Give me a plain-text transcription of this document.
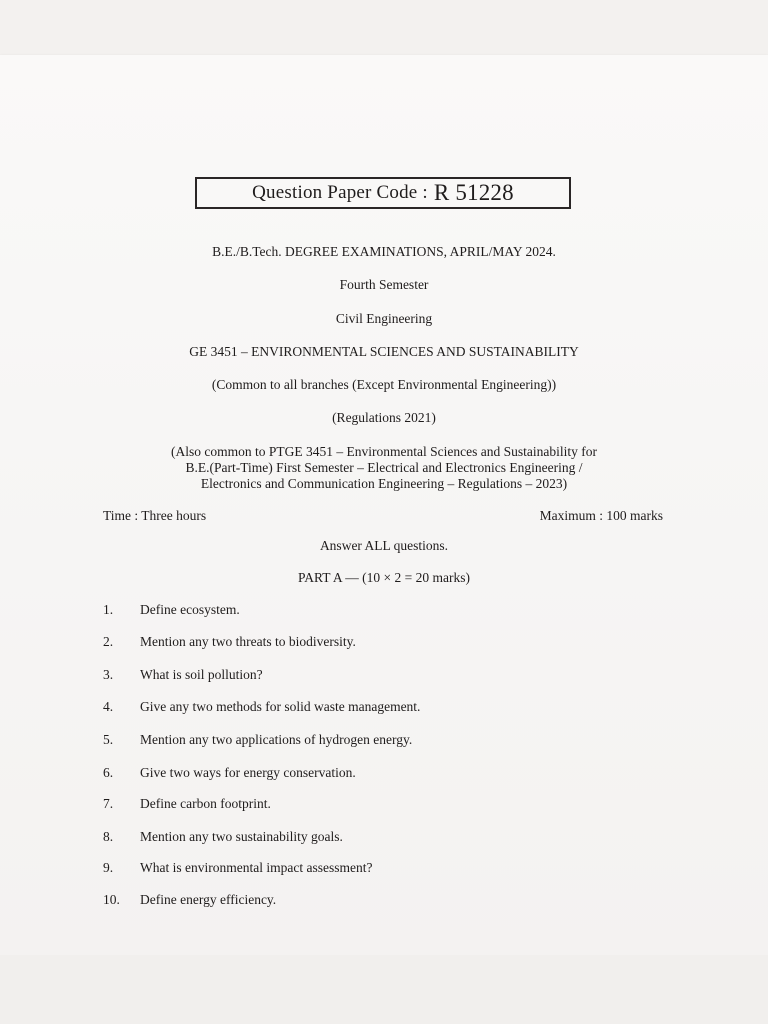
Question Paper Code : R 51228
B.E./B.Tech. DEGREE EXAMINATIONS, APRIL/MAY 2024.
Fourth Semester
Civil Engineering
GE 3451 – ENVIRONMENTAL SCIENCES AND SUSTAINABILITY
(Common to all branches (Except Environmental Engineering))
(Regulations 2021)
(Also common to PTGE 3451 – Environmental Sciences and Sustainability for
B.E.(Part-Time) First Semester – Electrical and Electronics Engineering /
Electronics and Communication Engineering – Regulations – 2023)
Time : Three hours	Maximum : 100 marks
Answer ALL questions.
PART A — (10 × 2 = 20 marks)
1. Define ecosystem.
2. Mention any two threats to biodiversity.
3. What is soil pollution?
4. Give any two methods for solid waste management.
5. Mention any two applications of hydrogen energy.
6. Give two ways for energy conservation.
7. Define carbon footprint.
8. Mention any two sustainability goals.
9. What is environmental impact assessment?
10. Define energy efficiency.
